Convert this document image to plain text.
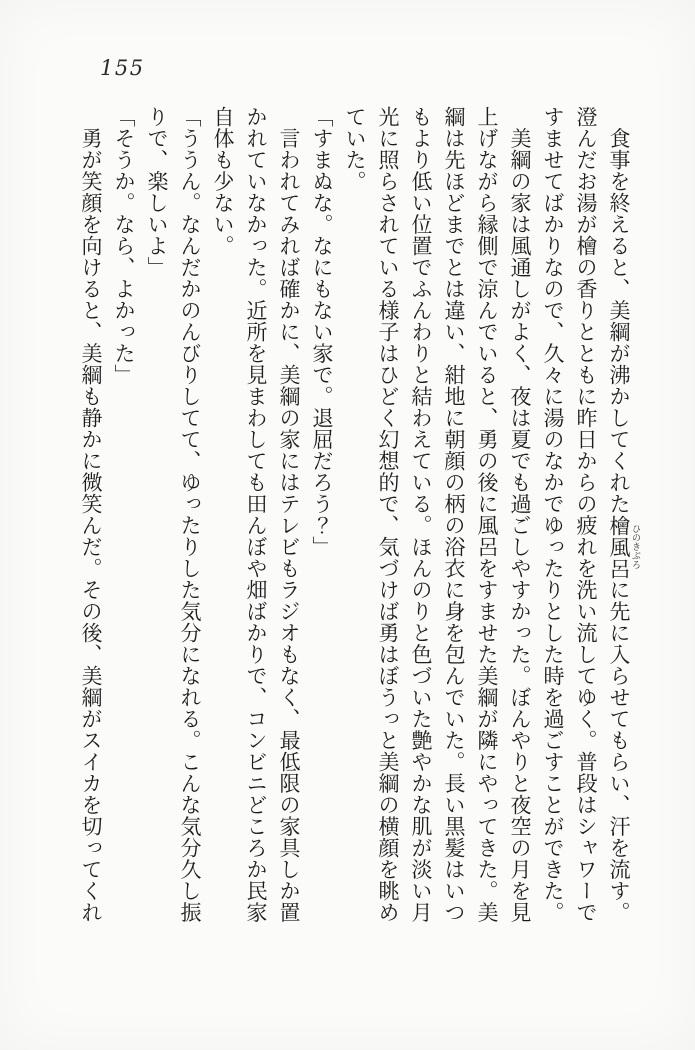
155

　食事を終えると、美綱が沸かしてくれた檜風呂 ひのきぶろに先に入らせてもらい、汗を流す。

澄んだお湯が檜の香りとともに昨日からの疲れを洗い流してゆく。普段はシャワーで

すませてばかりなので、久々に湯のなかでゆったりとした時を過ごすことができた。

　美綱の家は風通しがよく、夜は夏でも過ごしやすかった。ぼんやりと夜空の月を見

上げながら縁側で涼んでいると、勇の後に風呂をすませた美綱が隣にやってきた。美

綱は先ほどまでとは違い、紺地に朝顔の柄の浴衣に身を包んでいた。長い黒髪はいつ

もより低い位置でふんわりと結わえている。ほんのりと色づいた艶やかな肌が淡い月

光に照らされている様子はひどく幻想的で、気づけば勇はぼうっと美綱の横顔を眺め

ていた。

「すまぬな。なにもない家で。退屈だろう？」

　言われてみれば確かに、美綱の家にはテレビもラジオもなく、最低限の家具しか置

かれていなかった。近所を見まわしても田んぼや畑ばかりで、コンビニどころか民家

自体も少ない。

「ううん。なんだかのんびりしてて、ゆったりした気分になれる。こんな気分久し振

りで、楽しいよ」

「そうか。なら、よかった」

　勇が笑顔を向けると、美綱も静かに微笑んだ。その後、美綱がスイカを切ってくれ
